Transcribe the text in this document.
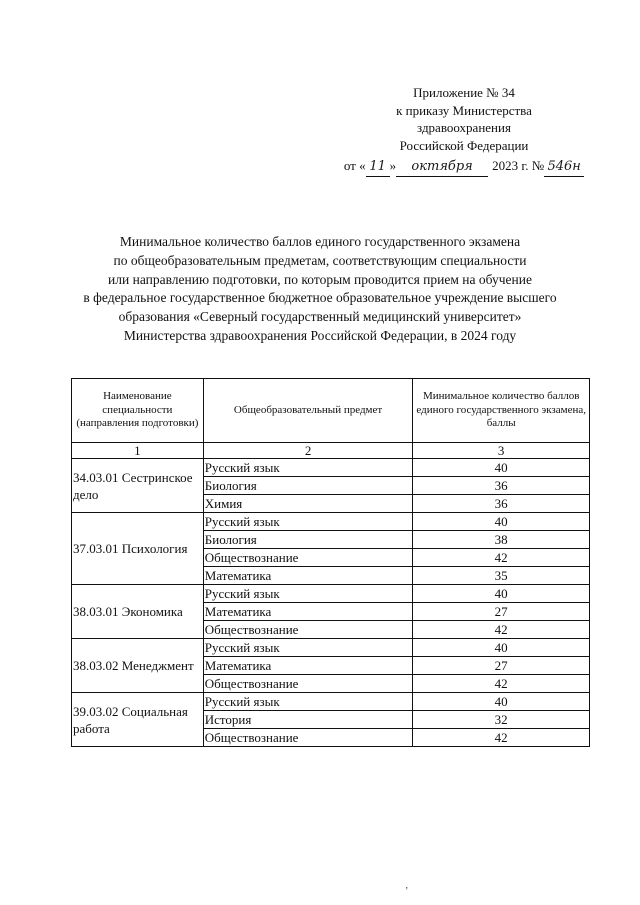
Приложение № 34
к приказу Министерства
здравоохранения
Российской Федерации
от « 11 »	октября	2023 г. № 546н
Минимальное количество баллов единого государственного экзамена
по общеобразовательным предметам, соответствующим специальности
или направлению подготовки, по которым проводится прием на обучение
в федеральное государственное бюджетное образовательное учреждение высшего
образования «Северный государственный медицинский университет»
Министерства здравоохранения Российской Федерации, в 2024 году
Наименование специальности (направления подготовки)	Общеобразовательный предмет	Минимальное количество баллов единого государственного экзамена, баллы
1	2	3
34.03.01 Сестринское дело	Русский язык	40
	Биология	36
	Химия	36
37.03.01 Психология	Русский язык	40
	Биология	38
	Обществознание	42
	Математика	35
38.03.01 Экономика	Русский язык	40
	Математика	27
	Обществознание	42
38.03.02 Менеджмент	Русский язык	40
	Математика	27
	Обществознание	42
39.03.02 Социальная работа	Русский язык	40
	История	32
	Обществознание	42
ʼ
